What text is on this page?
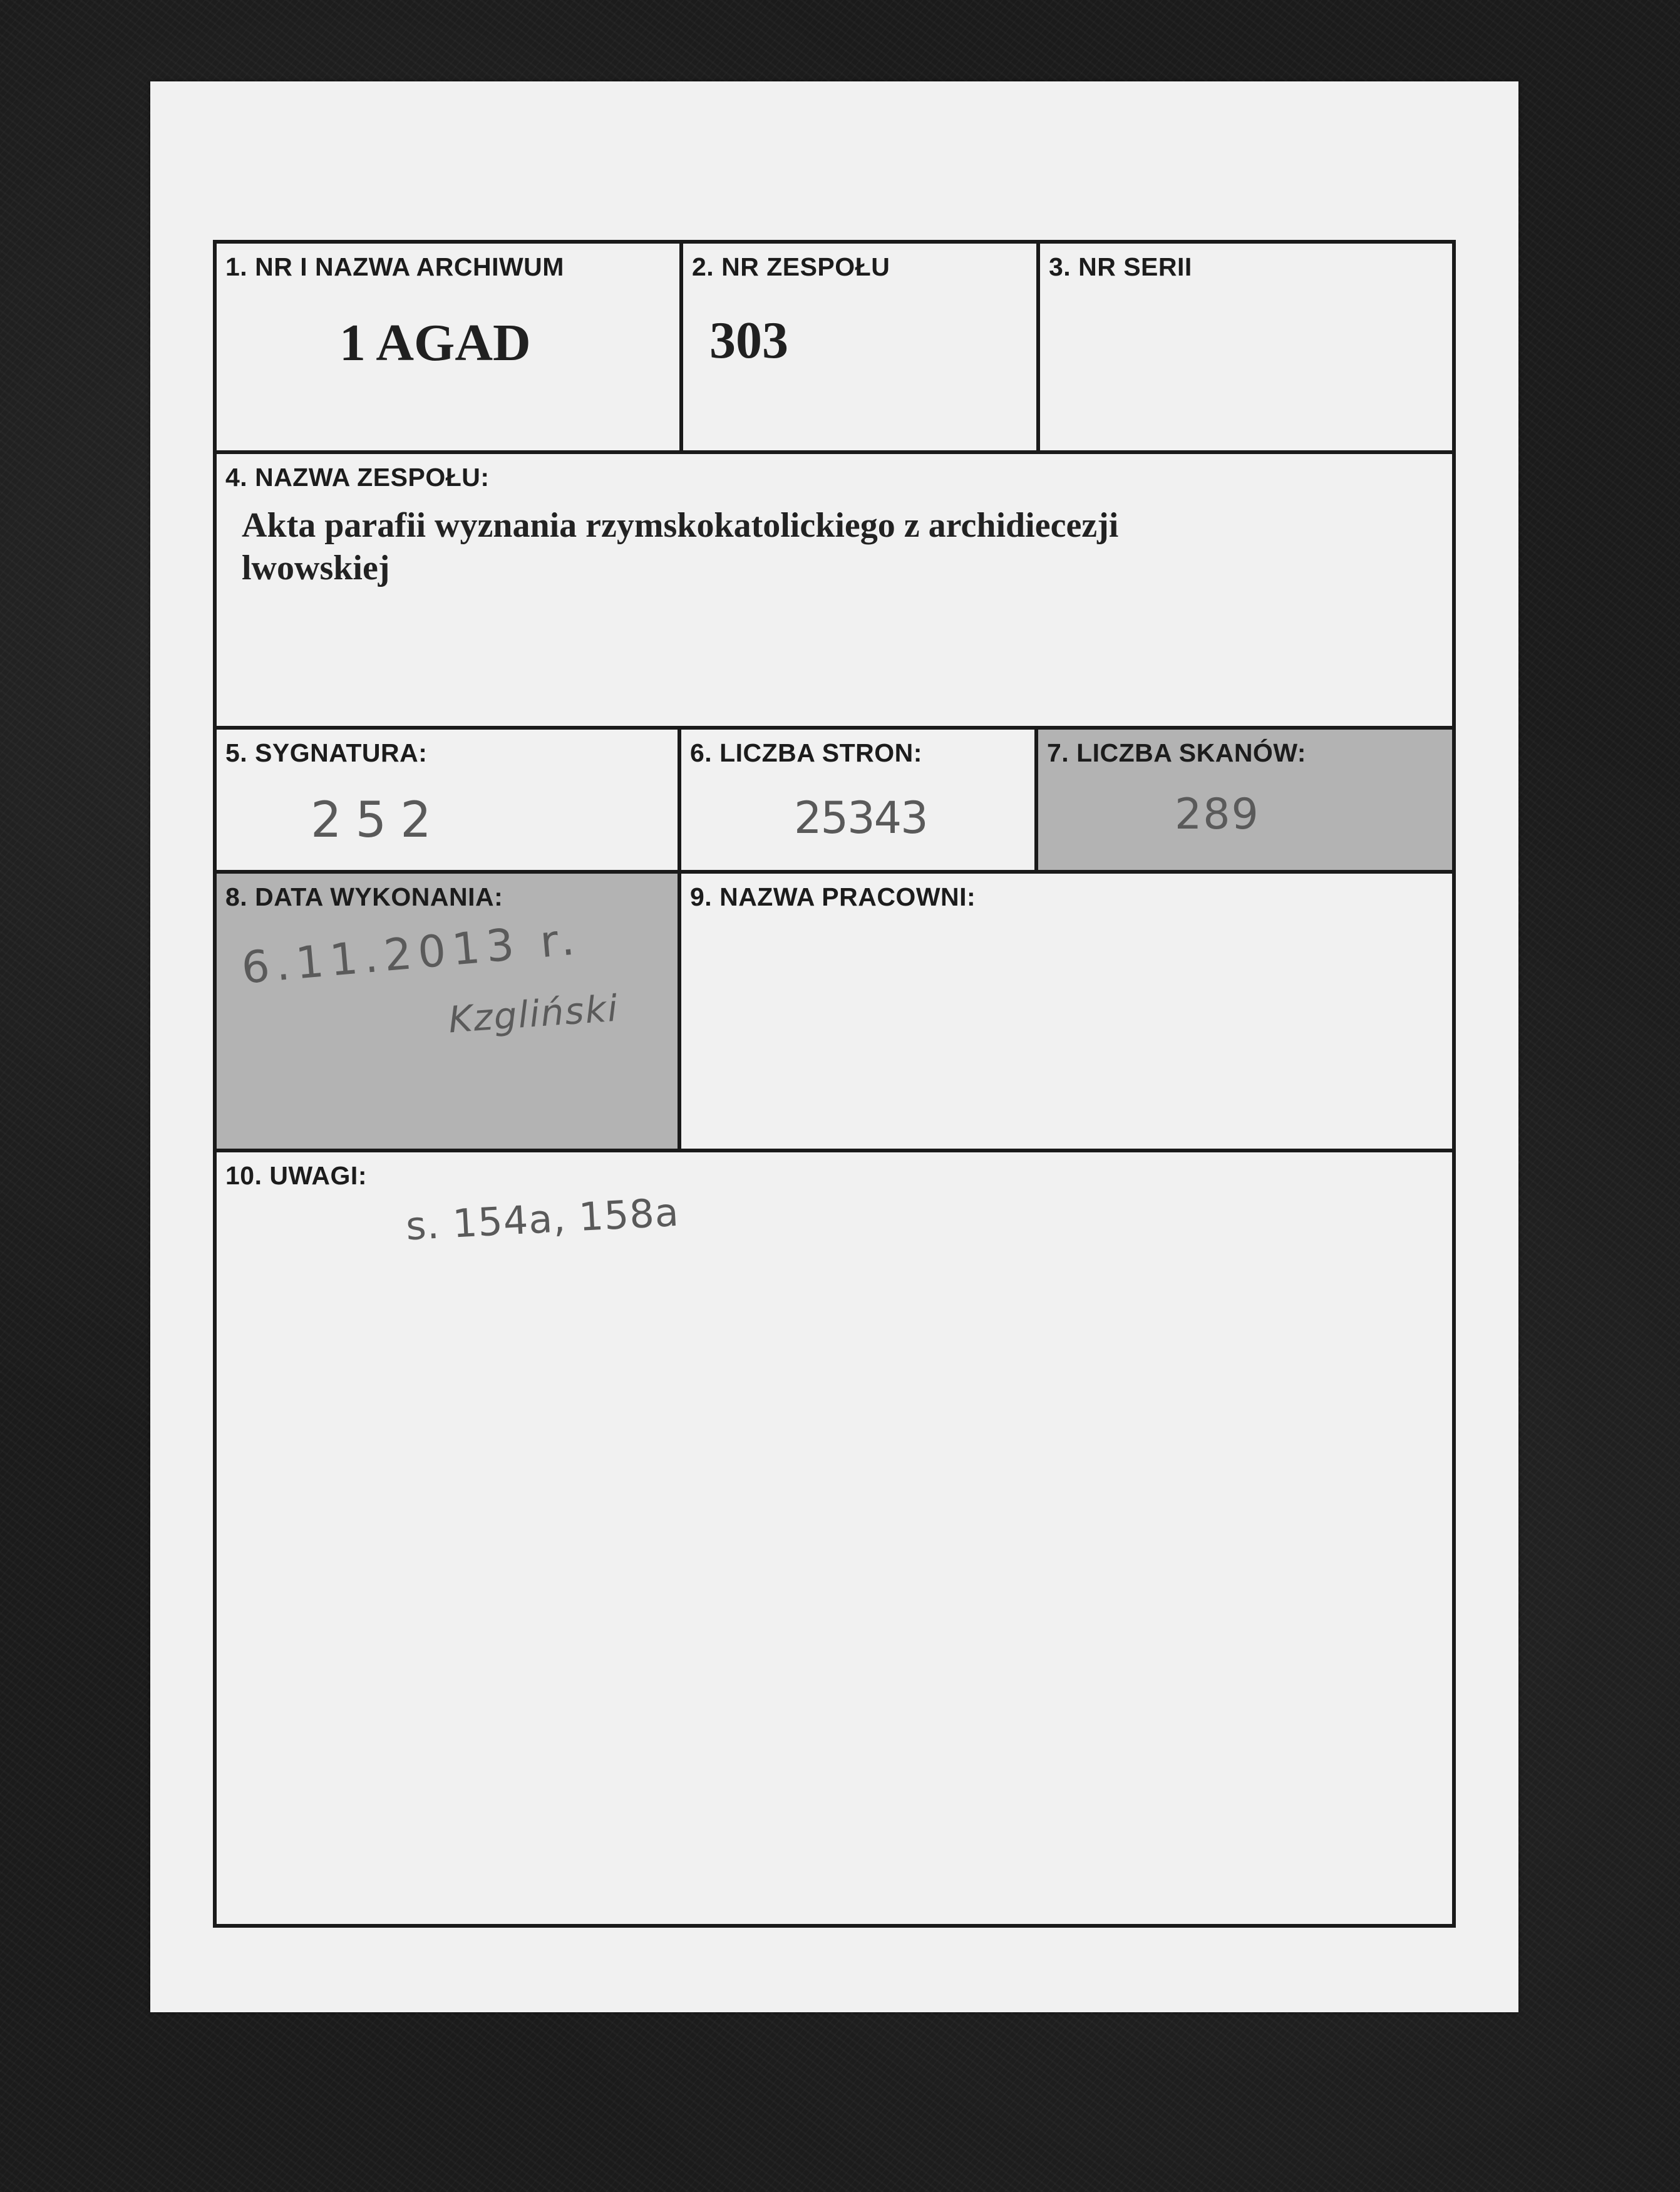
1. NR I NAZWA ARCHIWUM
1 AGAD
2. NR ZESPOŁU
303
3. NR SERII
4. NAZWA ZESPOŁU:
Akta parafii wyznania rzymskokatolickiego z archidiecezji lwowskiej
5. SYGNATURA:
252
6. LICZBA STRON:
25343
7. LICZBA SKANÓW:
289
8. DATA WYKONANIA:
6.11.2013 r.
Kzgliński
9. NAZWA PRACOWNI:
10. UWAGI:
s. 154a, 158a
